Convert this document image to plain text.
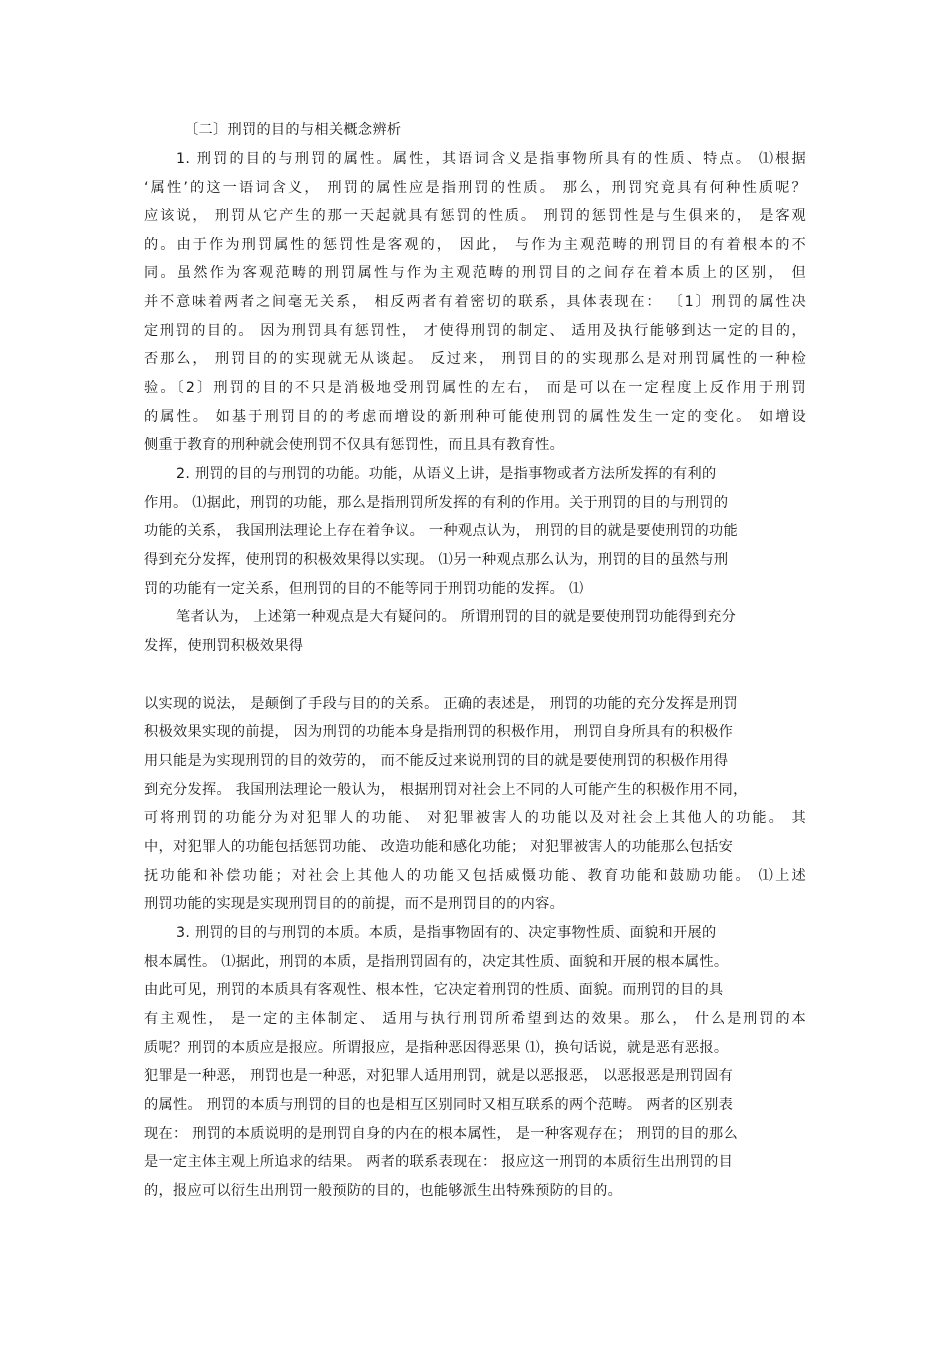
〔二〕刑罚的目的与相关概念辨析
1. 刑罚的目的与刑罚的属性。属性，其语词含义是指事物所具有的性质、特点。 ⑴根据
‘属性’的这一语词含义， 刑罚的属性应是指刑罚的性质。 那么，刑罚究竟具有何种性质呢？
应该说， 刑罚从它产生的那一天起就具有惩罚的性质。 刑罚的惩罚性是与生俱来的， 是客观
的。由于作为刑罚属性的惩罚性是客观的， 因此， 与作为主观范畴的刑罚目的有着根本的不
同。虽然作为客观范畴的刑罚属性与作为主观范畴的刑罚目的之间存在着本质上的区别， 但
并不意味着两者之间毫无关系， 相反两者有着密切的联系，具体表现在： 〔1〕刑罚的属性决
定刑罚的目的。 因为刑罚具有惩罚性， 才使得刑罚的制定、 适用及执行能够到达一定的目的，
否那么， 刑罚目的的实现就无从谈起。 反过来， 刑罚目的的实现那么是对刑罚属性的一种检
验。〔2〕刑罚的目的不只是消极地受刑罚属性的左右， 而是可以在一定程度上反作用于刑罚
的属性。 如基于刑罚目的的考虑而增设的新刑种可能使刑罚的属性发生一定的变化。 如增设
侧重于教育的刑种就会使刑罚不仅具有惩罚性，而且具有教育性。
2. 刑罚的目的与刑罚的功能。功能，从语义上讲，是指事物或者方法所发挥的有利的
作用。 ⑴据此，刑罚的功能，那么是指刑罚所发挥的有利的作用。关于刑罚的目的与刑罚的
功能的关系， 我国刑法理论上存在着争议。 一种观点认为， 刑罚的目的就是要使刑罚的功能
得到充分发挥，使刑罚的积极效果得以实现。 ⑴另一种观点那么认为，刑罚的目的虽然与刑
罚的功能有一定关系，但刑罚的目的不能等同于刑罚功能的发挥。 ⑴
笔者认为， 上述第一种观点是大有疑问的。 所谓刑罚的目的就是要使刑罚功能得到充分
发挥，使刑罚积极效果得
以实现的说法， 是颠倒了手段与目的的关系。 正确的表述是， 刑罚的功能的充分发挥是刑罚
积极效果实现的前提， 因为刑罚的功能本身是指刑罚的积极作用， 刑罚自身所具有的积极作
用只能是为实现刑罚的目的效劳的， 而不能反过来说刑罚的目的就是要使刑罚的积极作用得
到充分发挥。 我国刑法理论一般认为， 根据刑罚对社会上不同的人可能产生的积极作用不同，
可将刑罚的功能分为对犯罪人的功能、 对犯罪被害人的功能以及对社会上其他人的功能。 其
中，对犯罪人的功能包括惩罚功能、 改造功能和感化功能； 对犯罪被害人的功能那么包括安
抚功能和补偿功能；对社会上其他人的功能又包括威慑功能、教育功能和鼓励功能。 ⑴上述
刑罚功能的实现是实现刑罚目的的前提，而不是刑罚目的的内容。
3. 刑罚的目的与刑罚的本质。本质，是指事物固有的、决定事物性质、面貌和开展的
根本属性。 ⑴据此，刑罚的本质，是指刑罚固有的，决定其性质、面貌和开展的根本属性。
由此可见，刑罚的本质具有客观性、根本性，它决定着刑罚的性质、面貌。而刑罚的目的具
有主观性， 是一定的主体制定、 适用与执行刑罚所希望到达的效果。那么， 什么是刑罚的本
质呢？刑罚的本质应是报应。所谓报应，是指种恶因得恶果 ⑴，换句话说，就是恶有恶报。
犯罪是一种恶， 刑罚也是一种恶，对犯罪人适用刑罚，就是以恶报恶， 以恶报恶是刑罚固有
的属性。 刑罚的本质与刑罚的目的也是相互区别同时又相互联系的两个范畴。 两者的区别表
现在： 刑罚的本质说明的是刑罚自身的内在的根本属性， 是一种客观存在； 刑罚的目的那么
是一定主体主观上所追求的结果。 两者的联系表现在： 报应这一刑罚的本质衍生出刑罚的目
的，报应可以衍生出刑罚一般预防的目的，也能够派生出特殊预防的目的。
